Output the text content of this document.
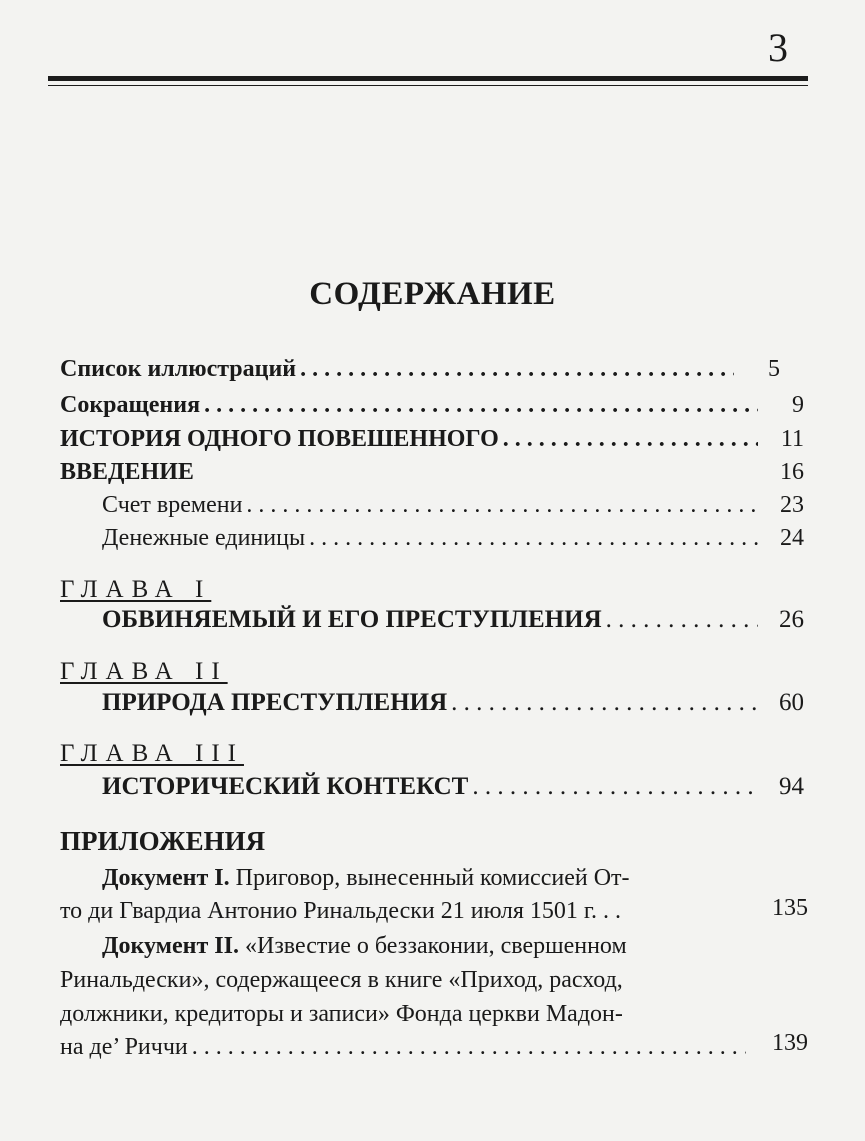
3
СОДЕРЖАНИЕ
Список иллюстраций . . .	5
Сокращения . . .	9
ИСТОРИЯ ОДНОГО ПОВЕШЕННОГО . . .	11
ВВЕДЕНИЕ	16
Счет времени . . .	23
Денежные единицы . . .	24
ГЛАВА I
ОБВИНЯЕМЫЙ И ЕГО ПРЕСТУПЛЕНИЯ . . .	26
ГЛАВА II
ПРИРОДА ПРЕСТУПЛЕНИЯ . . .	60
ГЛАВА III
ИСТОРИЧЕСКИЙ КОНТЕКСТ . . .	94
ПРИЛОЖЕНИЯ
Документ I. Приговор, вынесенный комиссией От-
то ди Гвардиа Антонио Ринальдески 21 июля 1501 г. . .	135
Документ II. «Известие о беззаконии, свершенном
Ринальдески», содержащееся в книге «Приход, расход,
должники, кредиторы и записи» Фонда церкви Мадон-
на де’ Риччи . . .	139
